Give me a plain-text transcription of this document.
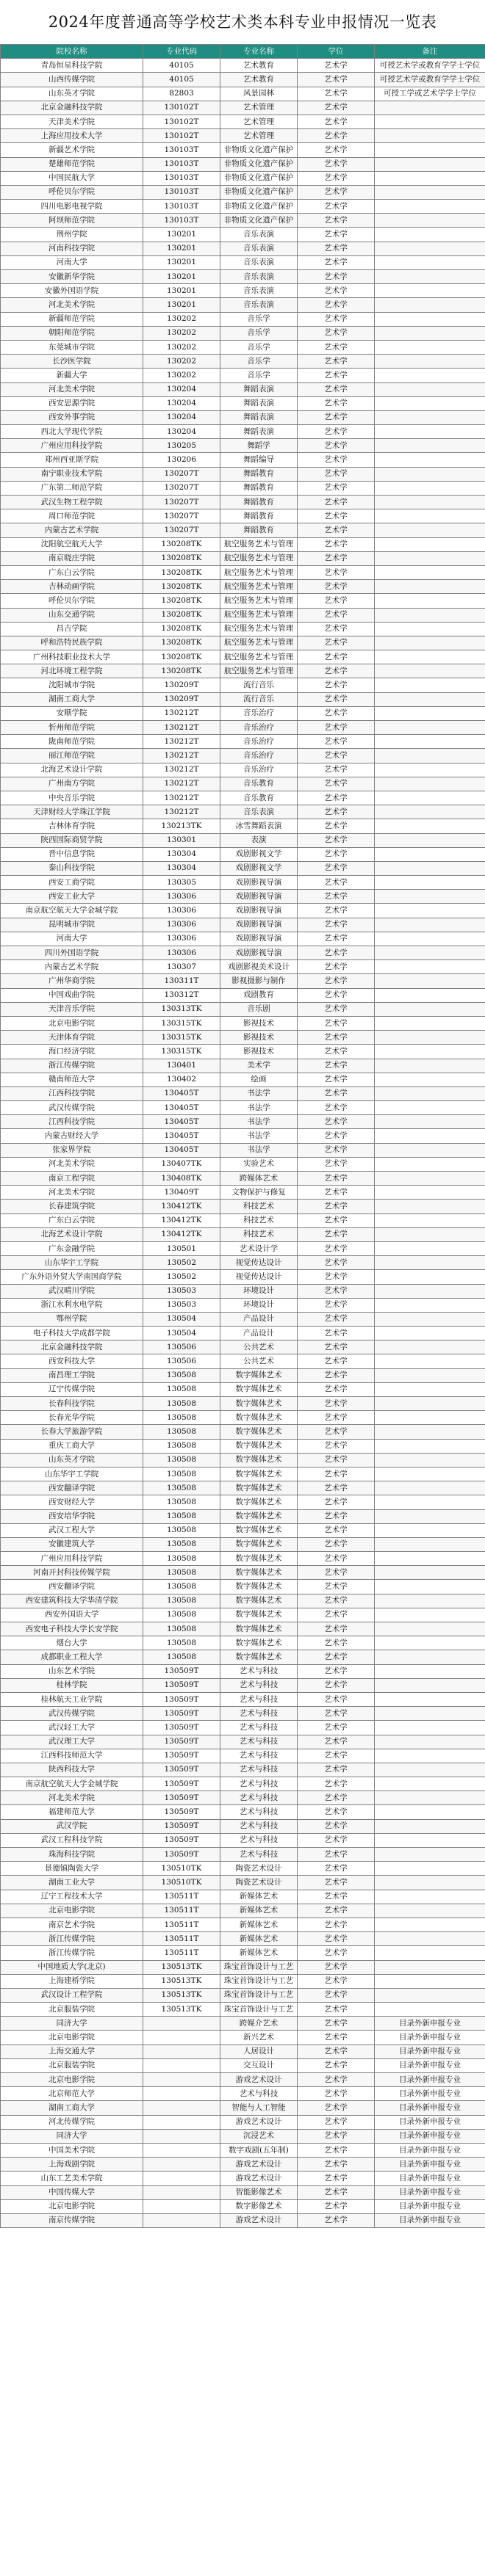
2024年度普通高等学校艺术类本科专业申报情况一览表
院校名称	专业代码	专业名称	学位	备注
青岛恒星科技学院	40105	艺术教育	艺术学	可授艺术学或教育学学士学位
山西传媒学院	40105	艺术教育	艺术学	可授艺术学或教育学学士学位
山东英才学院	82803	风景园林	艺术学	可授工学或艺术学学士学位
北京金融科技学院	130102T	艺术管理	艺术学	
天津美术学院	130102T	艺术管理	艺术学	
上海应用技术大学	130102T	艺术管理	艺术学	
新疆艺术学院	130103T	非物质文化遗产保护	艺术学	
楚雄师范学院	130103T	非物质文化遗产保护	艺术学	
中国民航大学	130103T	非物质文化遗产保护	艺术学	
呼伦贝尔学院	130103T	非物质文化遗产保护	艺术学	
四川电影电视学院	130103T	非物质文化遗产保护	艺术学	
阿坝师范学院	130103T	非物质文化遗产保护	艺术学	
荆州学院	130201	音乐表演	艺术学	
河南科技学院	130201	音乐表演	艺术学	
河南大学	130201	音乐表演	艺术学	
安徽新华学院	130201	音乐表演	艺术学	
安徽外国语学院	130201	音乐表演	艺术学	
河北美术学院	130201	音乐表演	艺术学	
新疆师范学院	130202	音乐学	艺术学	
朝阳师范学院	130202	音乐学	艺术学	
东莞城市学院	130202	音乐学	艺术学	
长沙医学院	130202	音乐学	艺术学	
新疆大学	130202	音乐学	艺术学	
河北美术学院	130204	舞蹈表演	艺术学	
西安思源学院	130204	舞蹈表演	艺术学	
西安外事学院	130204	舞蹈表演	艺术学	
西北大学现代学院	130204	舞蹈表演	艺术学	
广州应用科技学院	130205	舞蹈学	艺术学	
郑州西亚斯学院	130206	舞蹈编导	艺术学	
南宁职业技术学院	130207T	舞蹈教育	艺术学	
广东第二师范学院	130207T	舞蹈教育	艺术学	
武汉生物工程学院	130207T	舞蹈教育	艺术学	
周口师范学院	130207T	舞蹈教育	艺术学	
内蒙古艺术学院	130207T	舞蹈教育	艺术学	
沈阳航空航天大学	130208TK	航空服务艺术与管理	艺术学	
南京晓庄学院	130208TK	航空服务艺术与管理	艺术学	
广东白云学院	130208TK	航空服务艺术与管理	艺术学	
吉林动画学院	130208TK	航空服务艺术与管理	艺术学	
呼伦贝尔学院	130208TK	航空服务艺术与管理	艺术学	
山东交通学院	130208TK	航空服务艺术与管理	艺术学	
昌吉学院	130208TK	航空服务艺术与管理	艺术学	
呼和浩特民族学院	130208TK	航空服务艺术与管理	艺术学	
广州科技职业技术大学	130208TK	航空服务艺术与管理	艺术学	
河北环境工程学院	130208TK	航空服务艺术与管理	艺术学	
沈阳城市学院	130209T	流行音乐	艺术学	
湖南工商大学	130209T	流行音乐	艺术学	
安顺学院	130212T	音乐治疗	艺术学	
忻州师范学院	130212T	音乐治疗	艺术学	
陇南师范学院	130212T	音乐治疗	艺术学	
丽江师范学院	130212T	音乐治疗	艺术学	
北海艺术设计学院	130212T	音乐治疗	艺术学	
广州南方学院	130212T	音乐教育	艺术学	
中央音乐学院	130212T	音乐教育	艺术学	
天津财经大学珠江学院	130212T	音乐表演	艺术学	
吉林体育学院	130213TK	冰雪舞蹈表演	艺术学	
陕西国际商贸学院	130301	表演	艺术学	
晋中信息学院	130304	戏剧影视文学	艺术学	
泰山科技学院	130304	戏剧影视文学	艺术学	
西安工商学院	130305	戏剧影视导演	艺术学	
西安工业大学	130306	戏剧影视导演	艺术学	
南京航空航天大学金城学院	130306	戏剧影视导演	艺术学	
昆明城市学院	130306	戏剧影视导演	艺术学	
河南大学	130306	戏剧影视导演	艺术学	
四川外国语学院	130306	戏剧影视导演	艺术学	
内蒙古艺术学院	130307	戏剧影视美术设计	艺术学	
广州华商学院	130311T	影视摄影与制作	艺术学	
中国戏曲学院	130312T	戏剧教育	艺术学	
天津音乐学院	130313TK	音乐剧	艺术学	
北京电影学院	130315TK	影视技术	艺术学	
天津体育学院	130315TK	影视技术	艺术学	
海口经济学院	130315TK	影视技术	艺术学	
浙江传媒学院	130401	美术学	艺术学	
赣南师范大学	130402	绘画	艺术学	
江西科技学院	130405T	书法学	艺术学	
武汉传媒学院	130405T	书法学	艺术学	
江西科技学院	130405T	书法学	艺术学	
内蒙古财经大学	130405T	书法学	艺术学	
张家界学院	130405T	书法学	艺术学	
河北美术学院	130407TK	实验艺术	艺术学	
南京工程学院	130408TK	跨媒体艺术	艺术学	
河北美术学院	130409T	文物保护与修复	艺术学	
长春建筑学院	130412TK	科技艺术	艺术学	
广东白云学院	130412TK	科技艺术	艺术学	
北海艺术设计学院	130412TK	科技艺术	艺术学	
广东金融学院	130501	艺术设计学	艺术学	
山东华宇工学院	130502	视觉传达设计	艺术学	
广东外语外贸大学南国商学院	130502	视觉传达设计	艺术学	
武汉晴川学院	130503	环境设计	艺术学	
浙江水利水电学院	130503	环境设计	艺术学	
鄂州学院	130504	产品设计	艺术学	
电子科技大学成都学院	130504	产品设计	艺术学	
北京金融科技学院	130506	公共艺术	艺术学	
西安科技大学	130506	公共艺术	艺术学	
南昌理工学院	130508	数字媒体艺术	艺术学	
辽宁传媒学院	130508	数字媒体艺术	艺术学	
长春科技学院	130508	数字媒体艺术	艺术学	
长春光华学院	130508	数字媒体艺术	艺术学	
长春大学旅游学院	130508	数字媒体艺术	艺术学	
重庆工商大学	130508	数字媒体艺术	艺术学	
山东英才学院	130508	数字媒体艺术	艺术学	
山东华宇工学院	130508	数字媒体艺术	艺术学	
西安翻译学院	130508	数字媒体艺术	艺术学	
西安财经大学	130508	数字媒体艺术	艺术学	
西安培华学院	130508	数字媒体艺术	艺术学	
武汉工程大学	130508	数字媒体艺术	艺术学	
安徽建筑大学	130508	数字媒体艺术	艺术学	
广州应用科技学院	130508	数字媒体艺术	艺术学	
河南开封科技传媒学院	130508	数字媒体艺术	艺术学	
西安翻译学院	130508	数字媒体艺术	艺术学	
西安建筑科技大学华清学院	130508	数字媒体艺术	艺术学	
西安外国语大学	130508	数字媒体艺术	艺术学	
西安电子科技大学长安学院	130508	数字媒体艺术	艺术学	
烟台大学	130508	数字媒体艺术	艺术学	
成都职业工程大学	130508	数字媒体艺术	艺术学	
山东艺术学院	130509T	艺术与科技	艺术学	
桂林学院	130509T	艺术与科技	艺术学	
桂林航天工业学院	130509T	艺术与科技	艺术学	
武汉传媒学院	130509T	艺术与科技	艺术学	
武汉轻工大学	130509T	艺术与科技	艺术学	
武汉理工大学	130509T	艺术与科技	艺术学	
江西科技师范大学	130509T	艺术与科技	艺术学	
陕西科技大学	130509T	艺术与科技	艺术学	
南京航空航天大学金城学院	130509T	艺术与科技	艺术学	
河北美术学院	130509T	艺术与科技	艺术学	
福建师范大学	130509T	艺术与科技	艺术学	
武汉学院	130509T	艺术与科技	艺术学	
武汉工程科技学院	130509T	艺术与科技	艺术学	
珠海科技学院	130509T	艺术与科技	艺术学	
景德镇陶瓷大学	130510TK	陶瓷艺术设计	艺术学	
湖南工业大学	130510TK	陶瓷艺术设计	艺术学	
辽宁工程技术大学	130511T	新媒体艺术	艺术学	
北京电影学院	130511T	新媒体艺术	艺术学	
南京艺术学院	130511T	新媒体艺术	艺术学	
浙江传媒学院	130511T	新媒体艺术	艺术学	
浙江传媒学院	130511T	新媒体艺术	艺术学	
中国地质大学(北京)	130513TK	珠宝首饰设计与工艺	艺术学	
上海建桥学院	130513TK	珠宝首饰设计与工艺	艺术学	
武汉设计工程学院	130513TK	珠宝首饰设计与工艺	艺术学	
北京服装学院	130513TK	珠宝首饰设计与工艺	艺术学	
同济大学		跨媒介艺术	艺术学	目录外新申报专业
北京电影学院		新兴艺术	艺术学	目录外新申报专业
上海交通大学		人居设计	艺术学	目录外新申报专业
北京服装学院		交互设计	艺术学	目录外新申报专业
北京电影学院		游戏艺术设计	艺术学	目录外新申报专业
北京师范大学		艺术与科技	艺术学	目录外新申报专业
湖南工商大学		智能与人工智能	艺术学	目录外新申报专业
河北传媒学院		游戏艺术设计	艺术学	目录外新申报专业
同济大学		沉浸艺术	艺术学	目录外新申报专业
中国美术学院		数字戏剧(五年制)	艺术学	目录外新申报专业
上海戏剧学院		游戏艺术设计	艺术学	目录外新申报专业
山东工艺美术学院		游戏艺术设计	艺术学	目录外新申报专业
中国传媒大学		智能影像艺术	艺术学	目录外新申报专业
北京电影学院		数字影像艺术	艺术学	目录外新申报专业
南京传媒学院		游戏艺术设计	艺术学	目录外新申报专业
